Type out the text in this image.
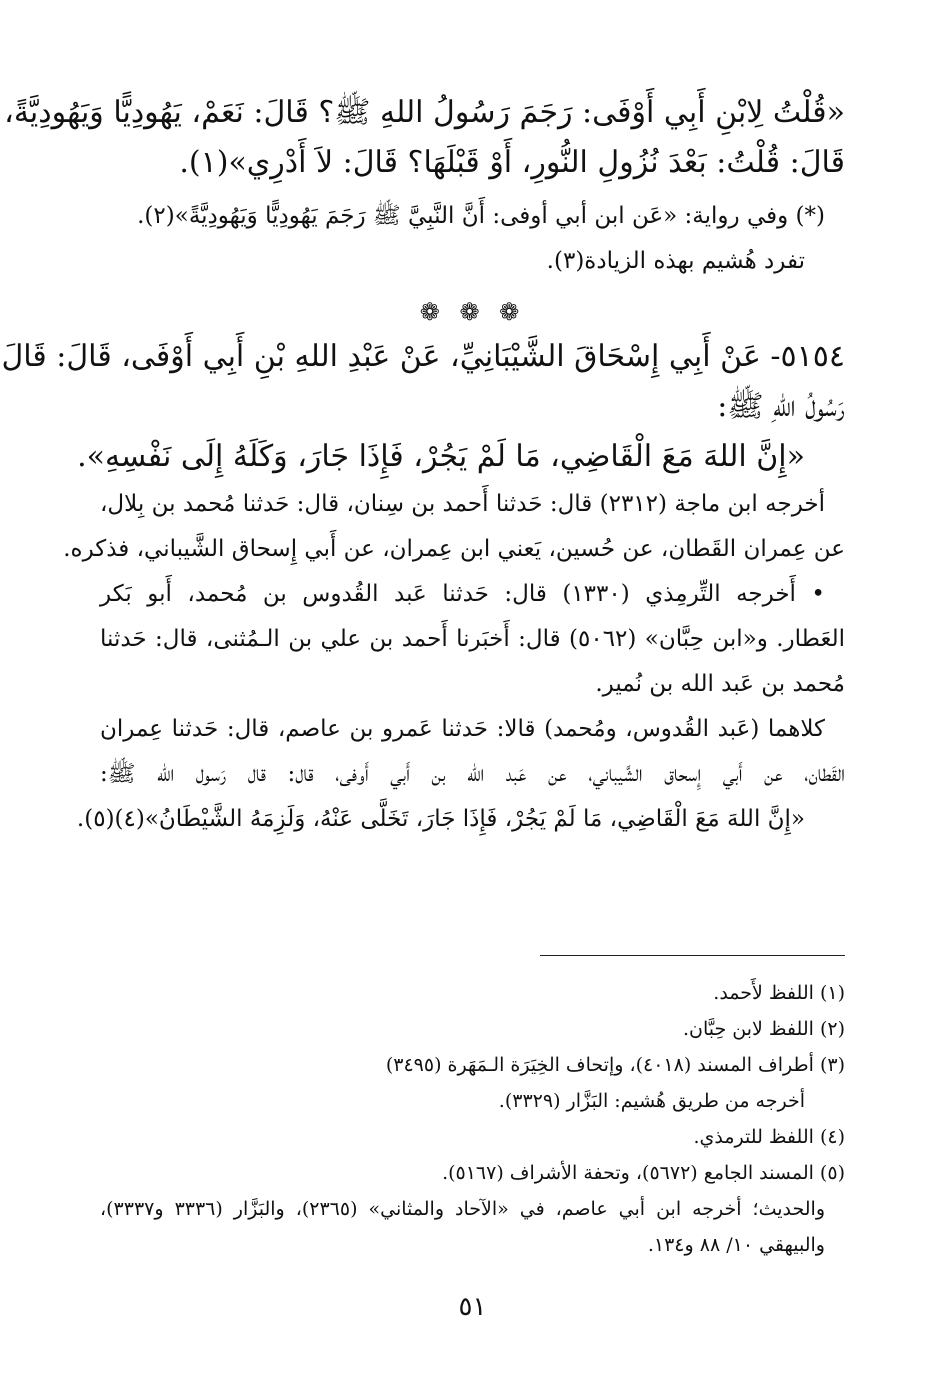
«قُلْتُ لِابْنِ أَبِي أَوْفَى: رَجَمَ رَسُولُ اللهِ ﷺ؟ قَالَ: نَعَمْ، يَهُودِيًّا وَيَهُودِيَّةً،

قَالَ: قُلْتُ: بَعْدَ نُزُولِ النُّورِ، أَوْ قَبْلَهَا؟ قَالَ: لاَ أَدْرِي»(١).

(*) وفي رواية: «عَن ابن أبي أوفى: أَنَّ النَّبِيَّ ﷺ رَجَمَ يَهُودِيًّا وَيَهُودِيَّةً»(٢).

تفرد هُشيم بهذه الزيادة(٣).

❁ ❁ ❁

٥١٥٤- عَنْ أَبِي إِسْحَاقَ الشَّيْبَانِيِّ، عَنْ عَبْدِ اللهِ بْنِ أَبِي أَوْفَى، قَالَ: قَالَ

رَسُولُ اللهِ ﷺ:

«إِنَّ اللهَ مَعَ الْقَاضِي، مَا لَمْ يَجُرْ، فَإِذَا جَارَ، وَكَلَهُ إِلَى نَفْسِهِ».

أخرجه ابن ماجة (٢٣١٢) قال: حَدثنا أَحمد بن سِنان، قال: حَدثنا مُحمد بن بِلال،

عن عِمران القَطان، عن حُسين، يَعني ابن عِمران، عن أَبي إِسحاق الشَّيباني، فذكره.

• أَخرجه التِّرمِذي (١٣٣٠) قال: حَدثنا عَبد القُدوس بن مُحمد، أَبو بَكر

العَطار. و«ابن حِبَّان» (٥٠٦٢) قال: أَخبَرنا أَحمد بن علي بن الـمُثنى، قال: حَدثنا

مُحمد بن عَبد الله بن نُمير.

كلاهما (عَبد القُدوس، ومُحمد) قالا: حَدثنا عَمرو بن عاصم، قال: حَدثنا عِمران

القَطان، عن أَبي إِسحاق الشَّيباني، عن عَبد الله بن أَبي أَوفى، قال: قال رَسول الله ﷺ:

«إِنَّ اللهَ مَعَ الْقَاضِي، مَا لَمْ يَجُرْ، فَإِذَا جَارَ، تَخَلَّى عَنْهُ، وَلَزِمَهُ الشَّيْطَانُ»(٤)(٥).

(١) اللفظ لأَحمد.

(٢) اللفظ لابن حِبَّان.

(٣) أطراف المسند (٤٠١٨)، وإتحاف الخِيَرَة الـمَهَرة (٣٤٩٥)

أخرجه من طريق هُشيم: البَزَّار (٣٣٢٩).

(٤) اللفظ للترمذي.

(٥) المسند الجامع (٥٦٧٢)، وتحفة الأشراف (٥١٦٧).

والحديث؛ أخرجه ابن أبي عاصم، في «الآحاد والمثاني» (٢٣٦٥)، والبَزَّار (٣٣٣٦ و٣٣٣٧)،

والبيهقي ١٠/ ٨٨ و١٣٤.

٥١
